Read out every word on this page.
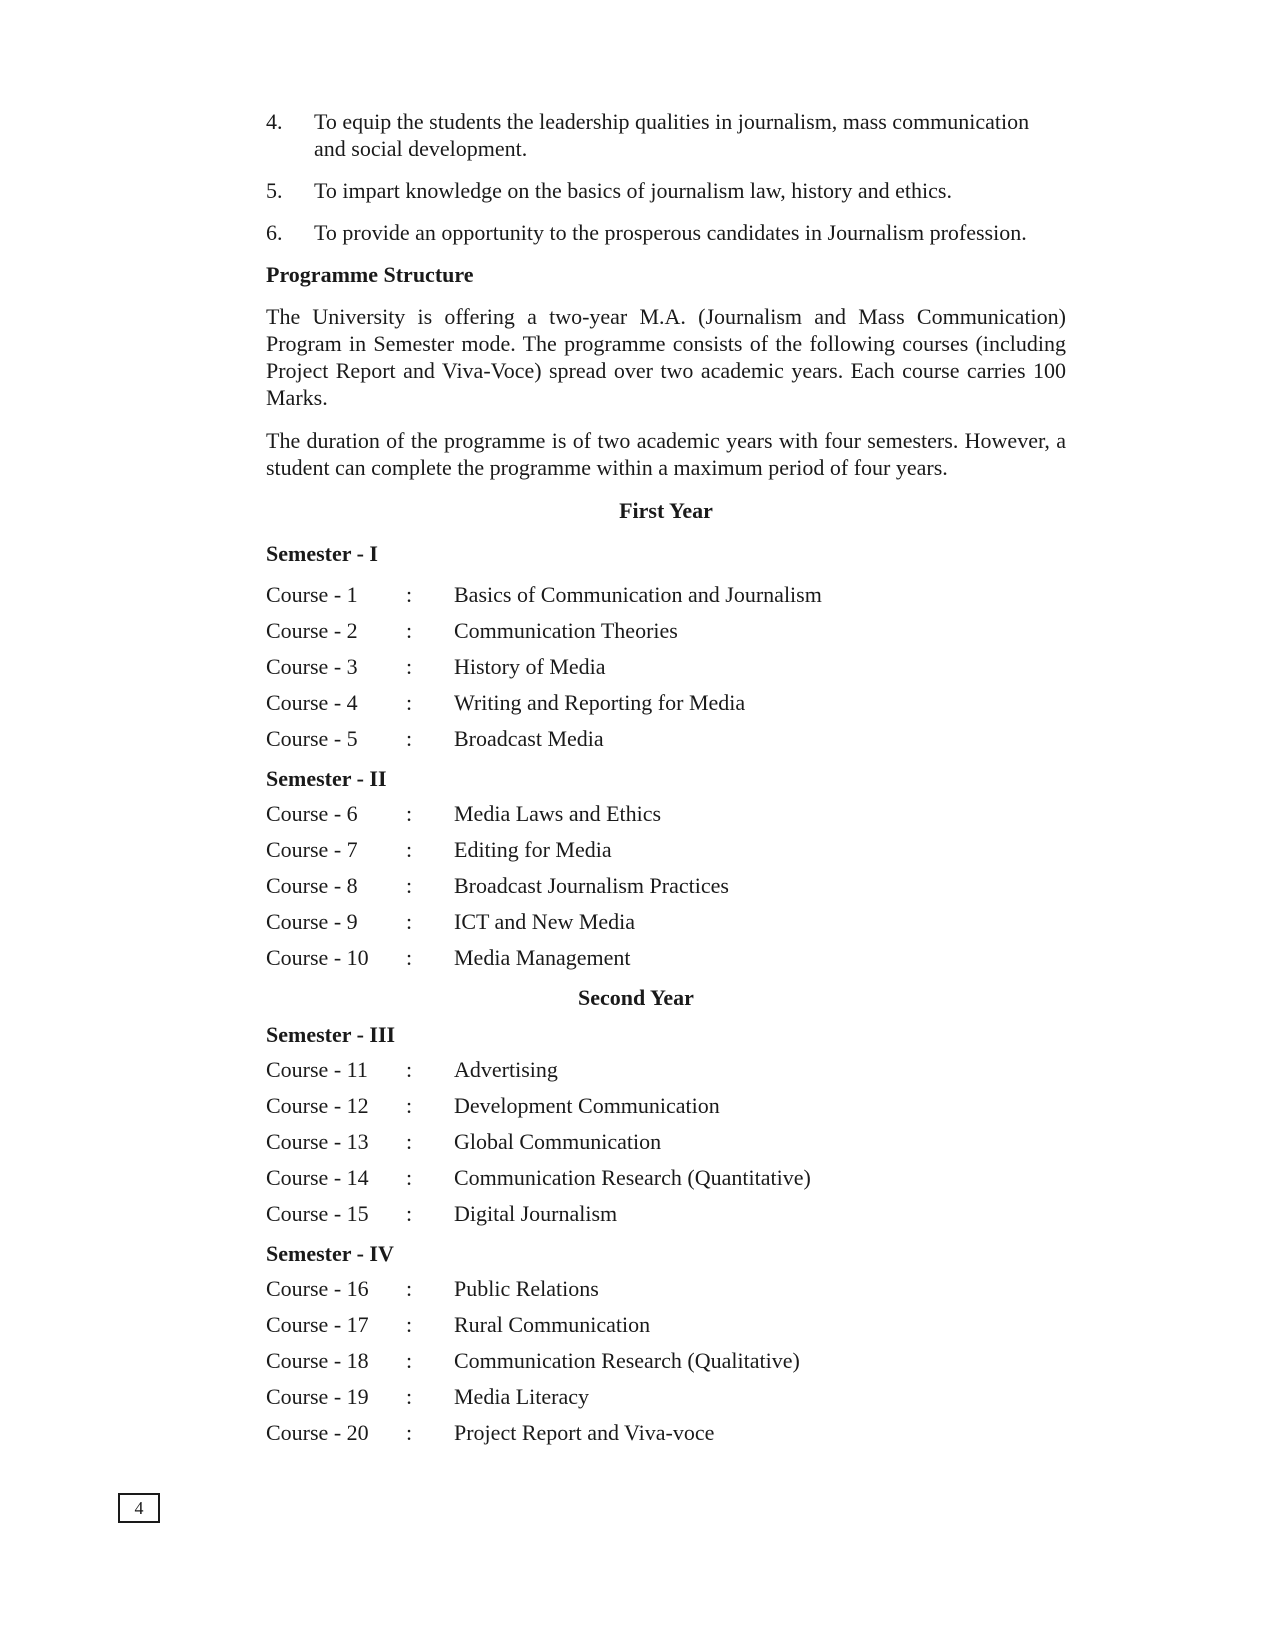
4.	To equip the students the leadership qualities in journalism, mass communication and social development.
5.	To impart knowledge on the basics of journalism law, history and ethics.
6.	To provide an opportunity to the prosperous candidates in Journalism profession.
Programme Structure
The University is offering a two-year M.A. (Journalism and Mass Communication) Program in Semester mode. The programme consists of the following courses (including Project Report and Viva-Voce) spread over two academic years. Each course carries 100 Marks.
The duration of the programme is of two academic years with four semesters. However, a student can complete the programme within a maximum period of four years.
First Year
Semester - I
Course - 1	:	Basics of Communication and Journalism
Course - 2	:	Communication Theories
Course - 3	:	History of Media
Course - 4	:	Writing and Reporting for Media
Course - 5	:	Broadcast Media
Semester - II
Course - 6	:	Media Laws and Ethics
Course - 7	:	Editing for Media
Course - 8	:	Broadcast Journalism Practices
Course - 9	:	ICT and New Media
Course - 10	:	Media Management
Second Year
Semester - III
Course - 11	:	Advertising
Course - 12	:	Development Communication
Course - 13	:	Global Communication
Course - 14	:	Communication Research (Quantitative)
Course - 15	:	Digital Journalism
Semester - IV
Course - 16	:	Public Relations
Course - 17	:	Rural Communication
Course - 18	:	Communication Research (Qualitative)
Course - 19	:	Media Literacy
Course - 20	:	Project Report and Viva-voce
4
